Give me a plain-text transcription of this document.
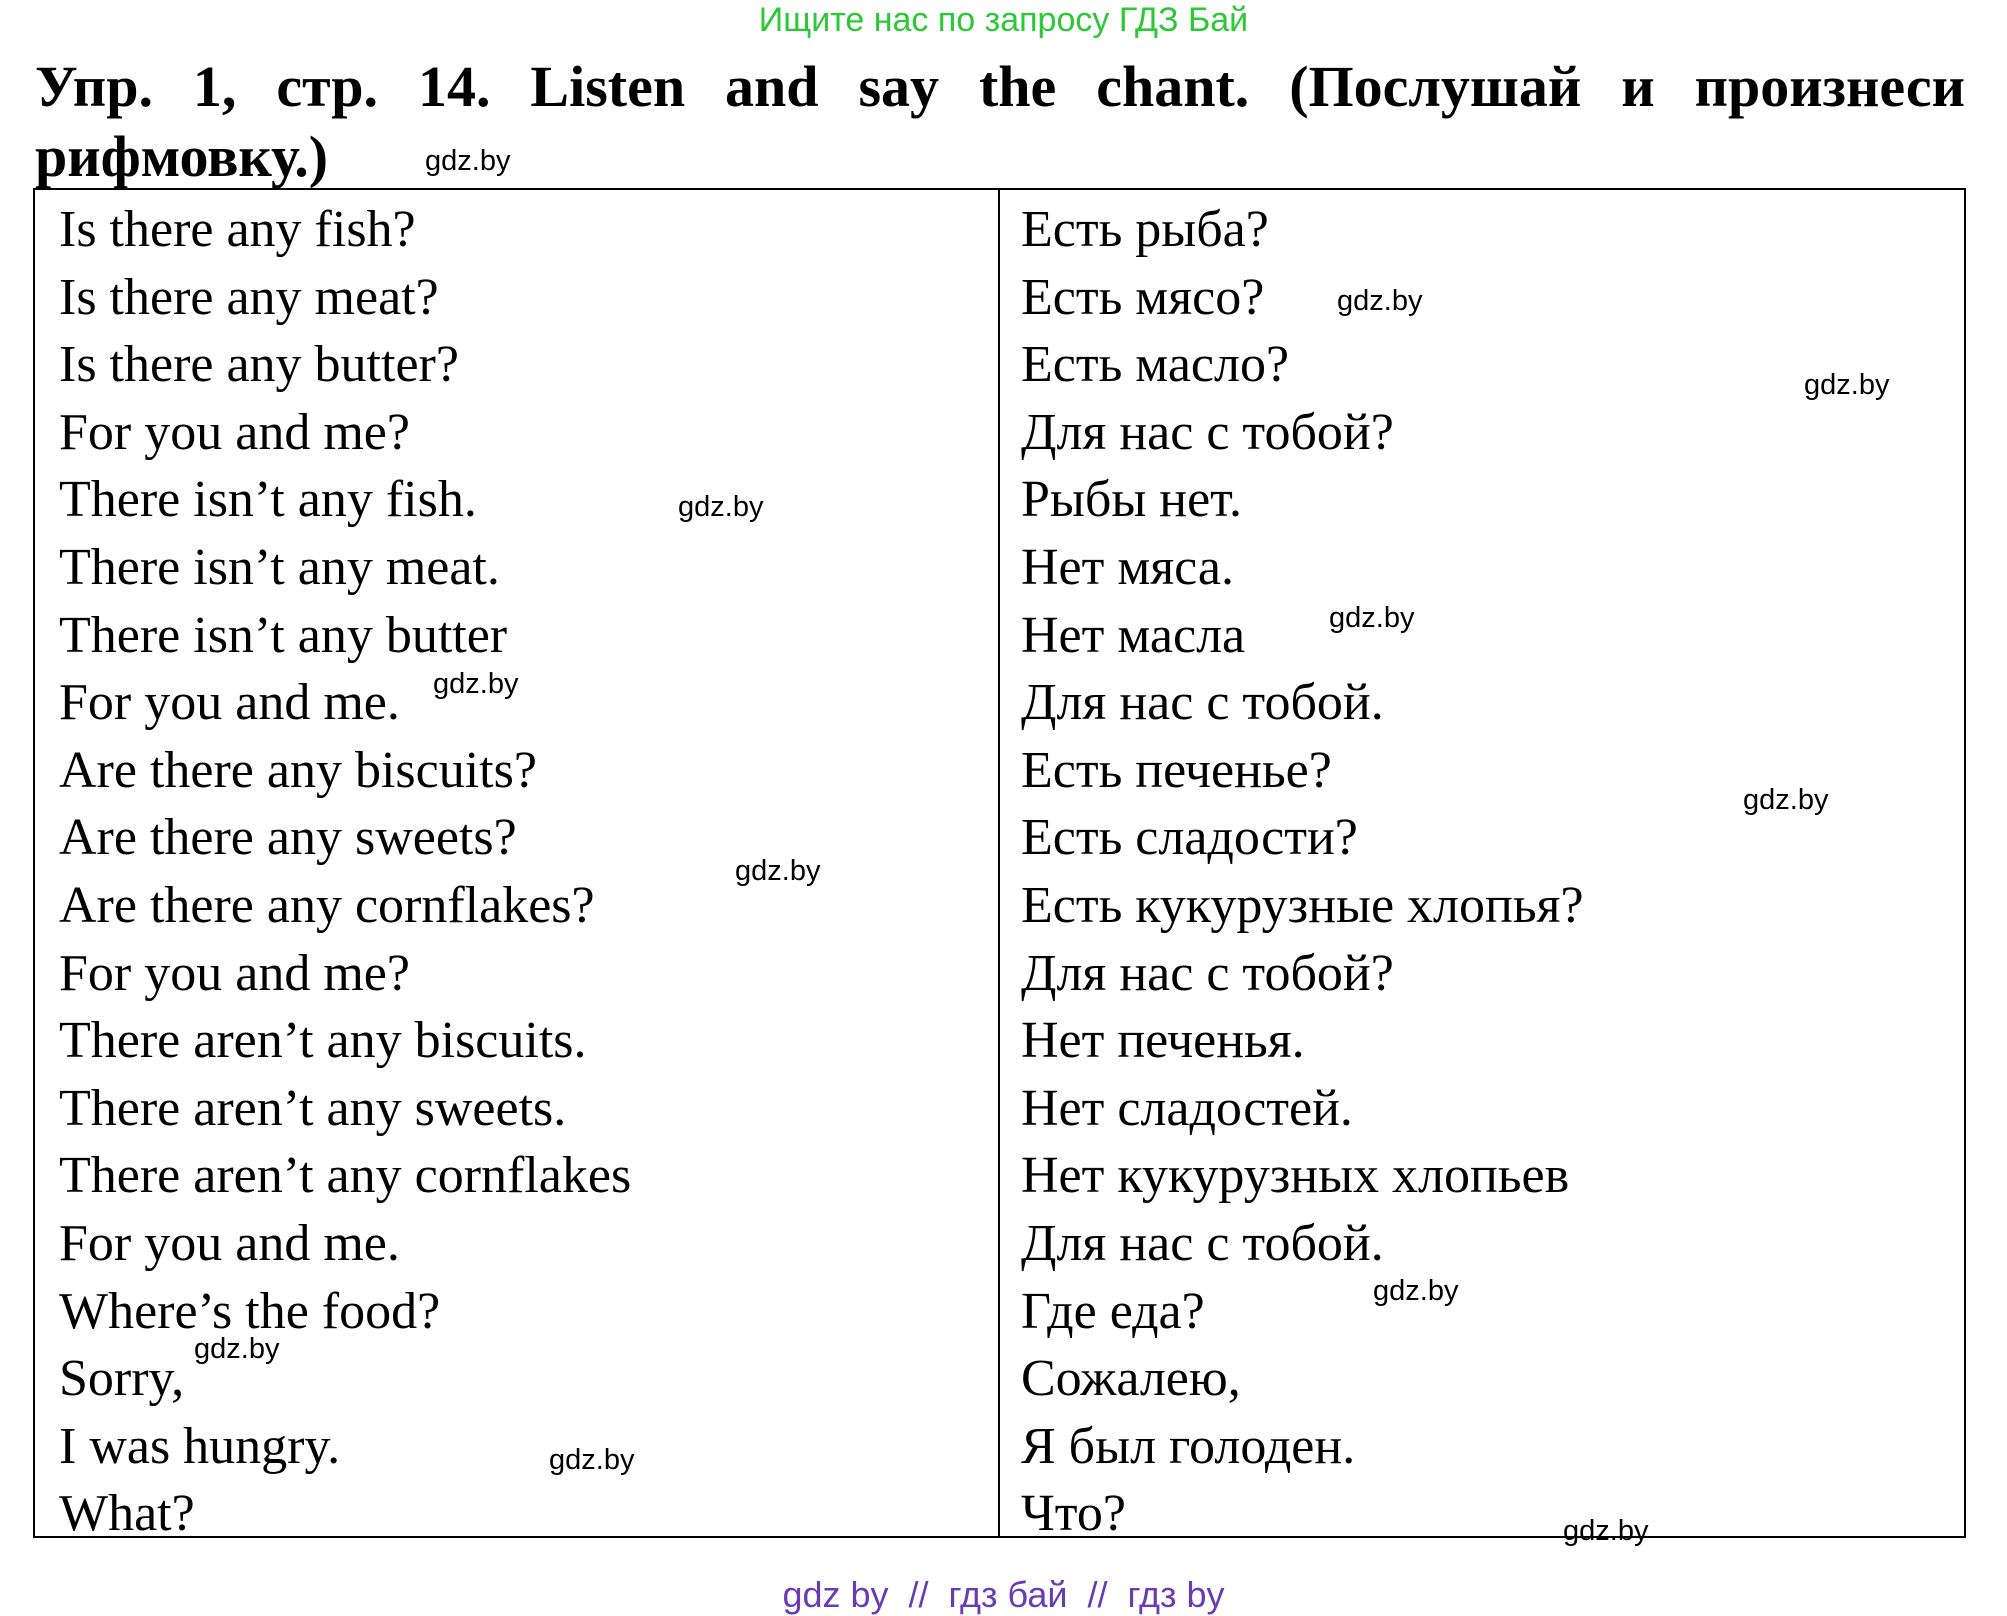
Ищите нас по запросу ГДЗ Бай
Упр. 1, стр. 14. Listen and say the chant. (Послушай и произнеси рифмовку.)
Is there any fish?
Is there any meat?
Is there any butter?
For you and me?
There isn’t any fish.
There isn’t any meat.
There isn’t any butter
For you and me.
Are there any biscuits?
Are there any sweets?
Are there any cornflakes?
For you and me?
There aren’t any biscuits.
There aren’t any sweets.
There aren’t any cornflakes
For you and me.
Where’s the food?
Sorry,
I was hungry.
What?
Есть рыба?
Есть мясо?
Есть масло?
Для нас с тобой?
Рыбы нет.
Нет мяса.
Нет масла
Для нас с тобой.
Есть печенье?
Есть сладости?
Есть кукурузные хлопья?
Для нас с тобой?
Нет печенья.
Нет сладостей.
Нет кукурузных хлопьев
Для нас с тобой.
Где еда?
Сожалею,
Я был голоден.
Что?
gdz.by
gdz.by
gdz.by
gdz.by
gdz.by
gdz.by
gdz.by
gdz.by
gdz.by
gdz.by
gdz.by
gdz.by
gdz by  //  гдз бай  //  гдз by
